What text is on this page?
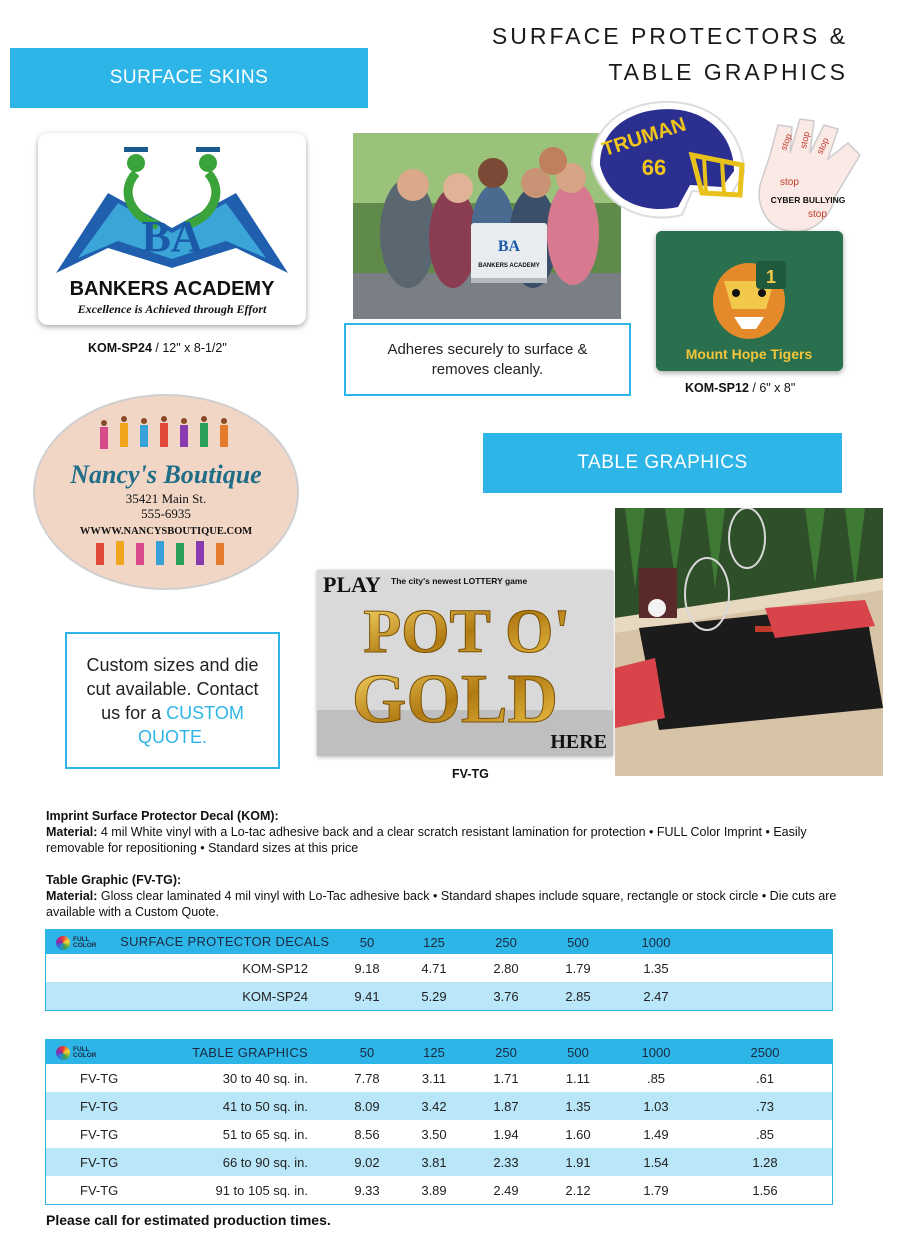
SURFACE PROTECTORS &
TABLE GRAPHICS
SURFACE SKINS
BA
BANKERS ACADEMY
Excellence is Achieved through Effort
KOM-SP24 / 12" x 8-1/2"
BA
BANKERS ACADEMY
Adheres securely to surface & removes cleanly.
TRUMAN
66
stop stop stop
stop
stop
CYBER BULLYING
1
Mount Hope Tigers
KOM-SP12 / 6" x 8"
Nancy's Boutique
35421 Main St.
555-6935
WWWW.NANCYSBOUTIQUE.COM
Custom sizes and die cut available. Contact us for a CUSTOM QUOTE.
TABLE GRAPHICS
PLAY The city's newest LOTTERY game
POT O'
GOLD
HERE
FV-TG
Imprint Surface Protector Decal (KOM):
Material: 4 mil White vinyl with a Lo-tac adhesive back and a clear scratch resistant lamination for protection • FULL Color Imprint • Easily removable for repositioning • Standard sizes at this price
Table Graphic (FV-TG):
Material: Gloss clear laminated 4 mil vinyl with Lo-Tac adhesive back • Standard shapes include square, rectangle or stock circle • Die cuts are available with a Custom Quote.
FULL
COLOR SURFACE PROTECTOR DECALS	50	125	250	500	1000	
KOM-SP12	9.18	4.71	2.80	1.79	1.35	
KOM-SP24	9.41	5.29	3.76	2.85	2.47	
FULL
COLOR	TABLE GRAPHICS	50	125	250	500	1000	2500
FV-TG	30 to 40 sq. in.	7.78	3.11	1.71	1.11	.85	.61
FV-TG	41 to 50 sq. in.	8.09	3.42	1.87	1.35	1.03	.73
FV-TG	51 to 65 sq. in.	8.56	3.50	1.94	1.60	1.49	.85
FV-TG	66 to 90 sq. in.	9.02	3.81	2.33	1.91	1.54	1.28
FV-TG	91 to 105 sq. in.	9.33	3.89	2.49	2.12	1.79	1.56
Please call for estimated production times.
